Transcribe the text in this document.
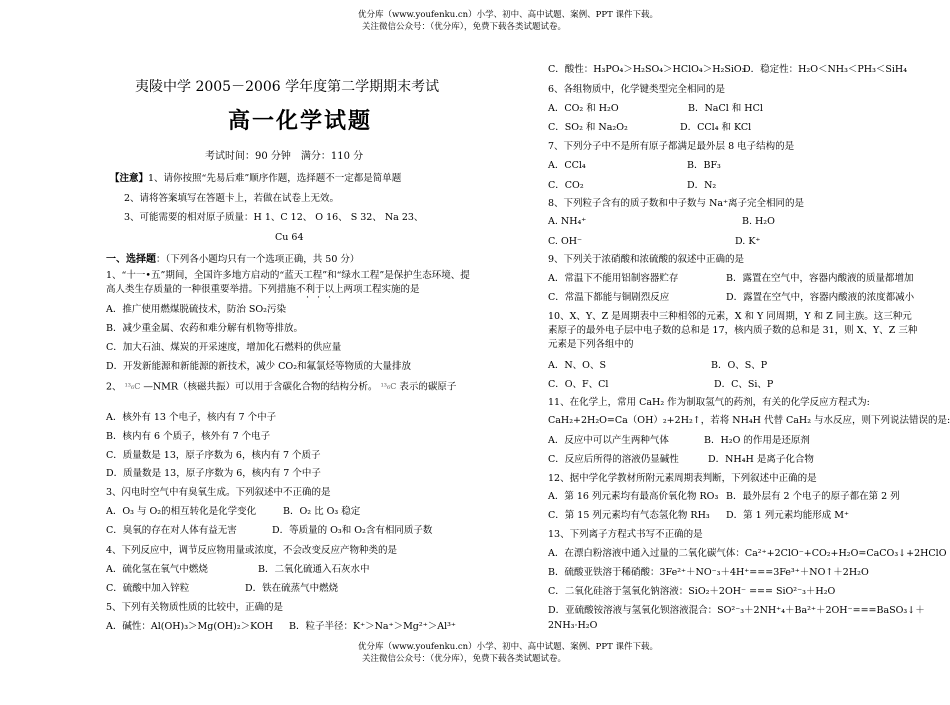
优分库（www.youfenku.cn）小学、初中、高中试题、案例、PPT 课件下载。
关注微信公众号：（优分库），免费下载各类试题试卷。
夷陵中学 2005－2006 学年度第二学期期末考试
高一化学试题
考试时间：90 分钟　满分：110 分
【注意】1、请你按照“先易后难”顺序作题，选择题不一定都是简单题
2、请将答案填写在答题卡上，若做在试卷上无效。
3、可能需要的相对原子质量：H 1、C 12、 O 16、 S 32、 Na 23、
Cu 64
一、选择题：（下列各小题均只有一个选项正确，共 50 分）
1、“十一•五”期间，全国许多地方启动的“蓝天工程”和“绿水工程”是保护生态环境、提
高人类生存质量的一种很重要举措。下列措施不利于以上两项工程实施的是
···
A．推广使用燃煤脱硫技术，防治 SO₂污染
B．减少重金属、农药和难分解有机物等排放。
C．加大石油、煤炭的开采速度，增加化石燃料的供应量
D．开发新能源和新能源的新技术，减少 CO₂和氟氯烃等物质的大量排放
2、 ¹³₆C —NMR（核磁共振）可以用于含碳化合物的结构分析。 ¹³₆C 表示的碳原子
A．核外有 13 个电子，核内有 7 个中子
B．核内有 6 个质子，核外有 7 个电子
C．质量数是 13，原子序数为 6，核内有 7 个质子
D．质量数是 13，原子序数为 6，核内有 7 个中子
3、闪电时空气中有臭氧生成。下列叙述中不正确的是
A．O₃ 与 O₂的相互转化是化学变化	B．O₂ 比 O₃ 稳定
C．臭氧的存在对人体有益无害	D．等质量的 O₃和 O₂含有相同质子数
4、下列反应中，调节反应物用量或浓度，不会改变反应产物种类的是
A．硫化氢在氧气中燃烧	B．二氧化硫通入石灰水中
C．硫酸中加入锌粒	D．铁在硫蒸气中燃烧
5、下列有关物质性质的比较中，正确的是
A．碱性：Al(OH)₃＞Mg(OH)₂＞KOH B．粒子半径：K⁺＞Na⁺＞Mg²⁺＞Al³⁺
C．酸性：H₃PO₄＞H₂SO₄＞HClO₄＞H₂SiO₃
D．稳定性：H₂O＜NH₃＜PH₃＜SiH₄
6、各组物质中，化学键类型完全相同的是
A．CO₂ 和 H₂O	B．NaCl 和 HCl
C．SO₂ 和 Na₂O₂	D．CCl₄ 和 KCl
7、下列分子中不是所有原子都满足最外层 8 电子结构的是
A．CCl₄	B．BF₃
C．CO₂	D．N₂
8、下列粒子含有的质子数和中子数与 Na⁺离子完全相同的是
A. NH₄⁺	B. H₂O
C. OH⁻	D. K⁺
9、下列关于浓硝酸和浓硫酸的叙述中正确的是
A．常温下不能用铝制容器贮存	B．露置在空气中，容器内酸液的质量都增加
C．常温下都能与铜剧烈反应	D．露置在空气中，容器内酸液的浓度都减小
10、X、Y、Z 是周期表中三种相邻的元素，X 和 Y 同周期，Y 和 Z 同主族。这三种元
素原子的最外电子层中电子数的总和是 17，核内质子数的总和是 31，则 X、Y、Z 三种
元素是下列各组中的
A．N、O、S	B．O、S、P
C．O、F、Cl	D．C、Si、P
11、在化学上，常用 CaH₂ 作为制取氢气的药剂，有关的化学反应方程式为:
CaH₂+2H₂O=Ca（OH）₂+2H₂↑，若将 NH₄H 代替 CaH₂ 与水反应，则下列说法错误的是:
A．反应中可以产生两种气体	B．H₂O 的作用是还原剂
C．反应后所得的溶液仍显碱性	D．NH₄H 是离子化合物
12、据中学化学教材所附元素周期表判断，下列叙述中正确的是
A．第 16 列元素均有最高价氧化物 RO₃ B．最外层有 2 个电子的原子都在第 2 列
C．第 15 列元素均有气态氢化物 RH₃ D．第 1 列元素均能形成 M⁺
13、下列离子方程式书写不正确的是
A．在漂白粉溶液中通入过量的二氧化碳气体：Ca²⁺+2ClO⁻+CO₂+H₂O=CaCO₃↓+2HClO
B．硫酸亚铁溶于稀硝酸：3Fe²⁺＋NO⁻₃＋4H⁺===3Fe³⁺＋NO↑＋2H₂O
C．二氧化硅溶于氢氧化钠溶液：SiO₂＋2OH⁻ === SiO²⁻₃＋H₂O
D．亚硫酸铵溶液与氢氧化钡溶液混合：SO²⁻₃＋2NH⁺₄＋Ba²⁺＋2OH⁻===BaSO₃↓＋
2NH₃·H₂O
优分库（www.youfenku.cn）小学、初中、高中试题、案例、PPT 课件下载。
关注微信公众号：（优分库），免费下载各类试题试卷。
